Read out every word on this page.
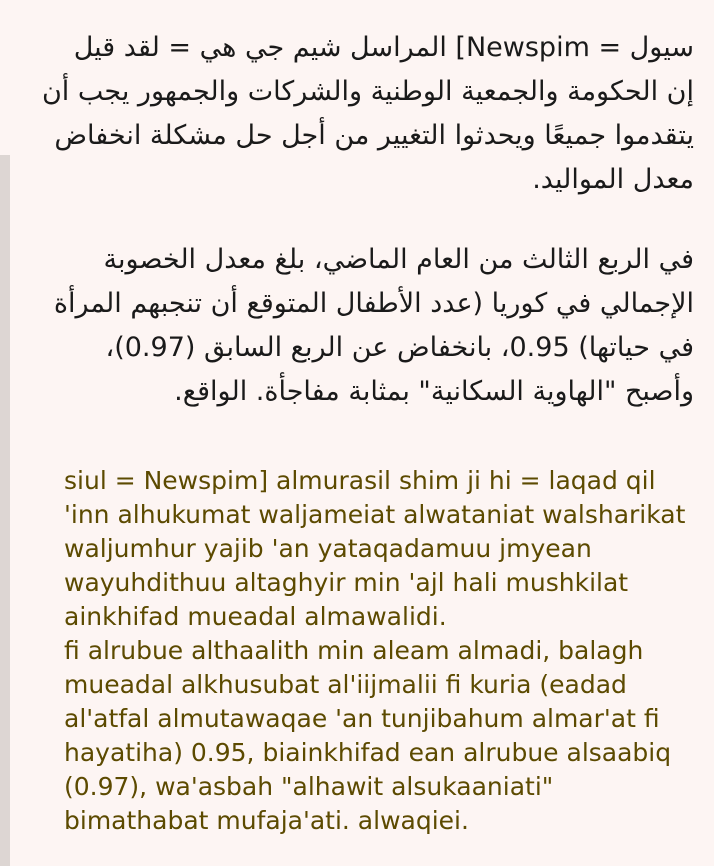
سيول = Newspim] المراسل شيم جي هي = لقد قيل إن الحكومة والجمعية الوطنية والشركات والجمهور يجب أن يتقدموا جميعًا ويحدثوا التغيير من أجل حل مشكلة انخفاض معدل المواليد.

في الربع الثالث من العام الماضي، بلغ معدل الخصوبة الإجمالي في كوريا (عدد الأطفال المتوقع أن تنجبهم المرأة في حياتها) 0.95، بانخفاض عن الربع السابق (0.97)، وأصبح "الهاوية السكانية" بمثابة مفاجأة. الواقع.

siul = Newspim] almurasil shim ji hi = laqad qil 'inn alhukumat waljameiat alwataniat walsharikat waljumhur yajib 'an yataqadamuu jmyean wayuhdithuu altaghyir min 'ajl hali mushkilat ainkhifad mueadal almawalidi.

fi alrubue althaalith min aleam almadi, balagh mueadal alkhusubat al'iijmalii fi kuria (eadad al'atfal almutawaqae 'an tunjibahum almar'at fi hayatiha) 0.95, biainkhifad ean alrubue alsaabiq (0.97), wa'asbah "alhawit alsukaaniati" bimathabat mufaja'ati. alwaqiei.
